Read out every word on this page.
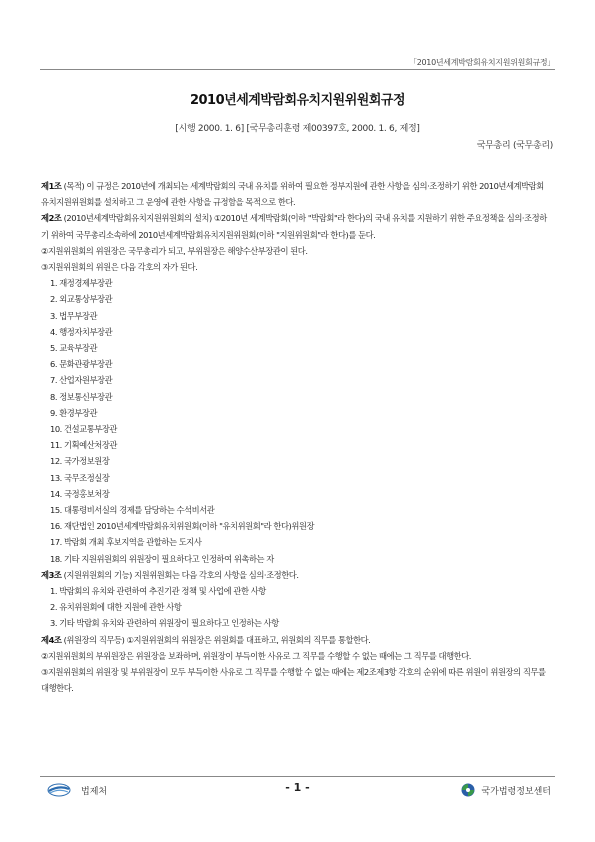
「2010년세계박람회유치지원위원회규정」
2010년세계박람회유치지원위원회규정
[시행 2000. 1. 6] [국무총리훈령 제00397호, 2000. 1. 6, 제정]
국무총리 (국무총리)
제1조 (목적) 이 규정은 2010년에 개최되는 세계박람회의 국내 유치를 위하여 필요한 정부지원에 관한 사항을 심의·조정하기 위한 2010년세계박람회유치지원위원회를 설치하고 그 운영에 관한 사항을 규정함을 목적으로 한다.
제2조 (2010년세계박람회유치지원위원회의 설치) ①2010년 세계박람회(이하 "박람회"라 한다)의 국내 유치를 지원하기 위한 주요정책을 심의·조정하기 위하여 국무총리소속하에 2010년세계박람회유치지원위원회(이하 "지원위원회"라 한다)를 둔다.
②지원위원회의 위원장은 국무총리가 되고, 부위원장은 해양수산부장관이 된다.
③지원위원회의 위원은 다음 각호의 자가 된다.
1. 재정경제부장관
2. 외교통상부장관
3. 법무부장관
4. 행정자치부장관
5. 교육부장관
6. 문화관광부장관
7. 산업자원부장관
8. 정보통신부장관
9. 환경부장관
10. 건설교통부장관
11. 기획예산처장관
12. 국가정보원장
13. 국무조정실장
14. 국정홍보처장
15. 대통령비서실의 경제를 담당하는 수석비서관
16. 재단법인 2010년세계박람회유치위원회(이하 "유치위원회"라 한다)위원장
17. 박람회 개최 후보지역을 관할하는 도지사
18. 기타 지원위원회의 위원장이 필요하다고 인정하여 위촉하는 자
제3조 (지원위원회의 기능) 지원위원회는 다음 각호의 사항을 심의·조정한다.
1. 박람회의 유치와 관련하여 추진기관 정책 및 사업에 관한 사항
2. 유치위원회에 대한 지원에 관한 사항
3. 기타 박람회 유치와 관련하여 위원장이 필요하다고 인정하는 사항
제4조 (위원장의 직무등) ①지원위원회의 위원장은 위원회를 대표하고, 위원회의 직무를 통할한다.
②지원위원회의 부위원장은 위원장을 보좌하며, 위원장이 부득이한 사유로 그 직무를 수행할 수 없는 때에는 그 직무를 대행한다.
③지원위원회의 위원장 및 부위원장이 모두 부득이한 사유로 그 직무를 수행할 수 없는 때에는 제2조제3항 각호의 순위에 따른 위원이 위원장의 직무를 대행한다.
법제처	- 1 -	국가법령정보센터
